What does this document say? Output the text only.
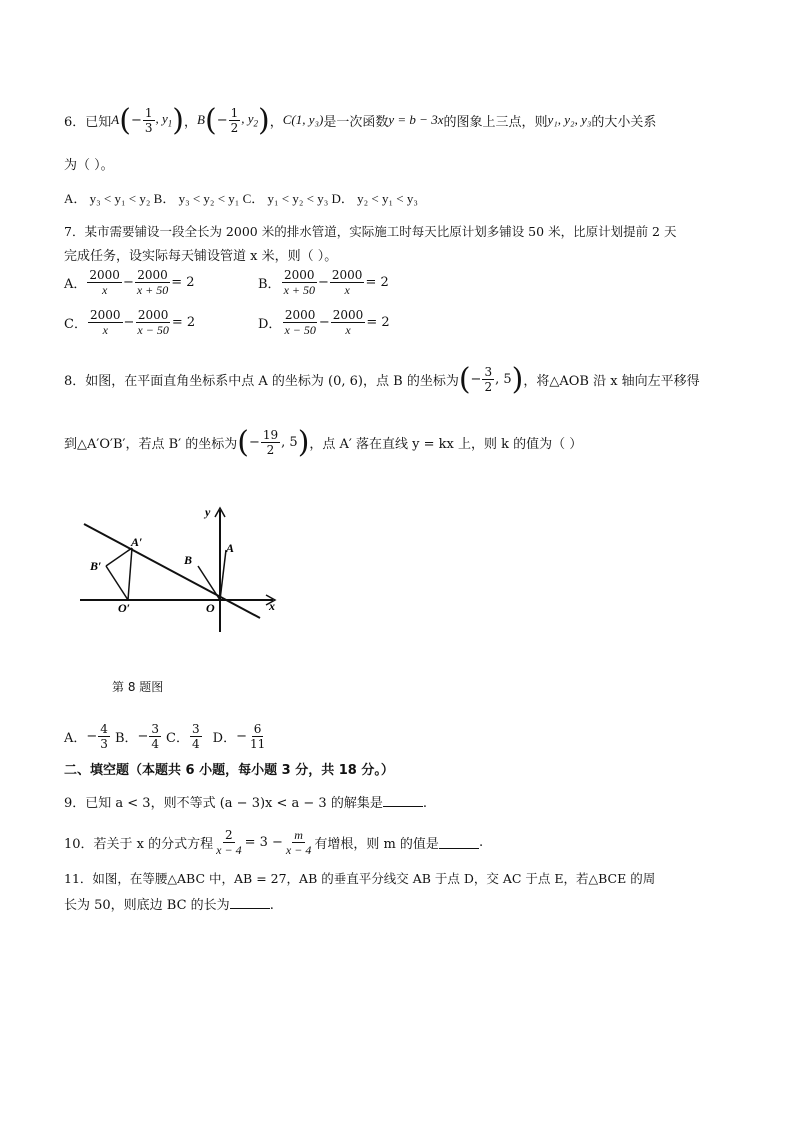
6．已知 A ( − $\frac{1}{3}$ , $y_1$ ) ， B ( − $\frac{1}{2}$ , $y_2$ ) ， C(1, y₃) 是一次函数 y = b − 3x 的图象上三点，则 y₁, y₂, y₃ 的大小关系
为（ ）。
A． y₃ < y₁ < y₂ B． y₃ < y₂ < y₁ C． y₁ < y₂ < y₃ D． y₂ < y₁ < y₃
7．某市需要铺设一段全长为 2000 米的排水管道，实际施工时每天比原计划多铺设 50 米，比原计划提前 2 天
完成任务，设实际每天铺设管道 x 米，则（ ）。
A． $\frac{2000}{x} - \frac{2000}{x + 50} = 2$	B． $\frac{2000}{x + 50} - \frac{2000}{x} = 2$
C． $\frac{2000}{x} - \frac{2000}{x - 50} = 2$	D． $\frac{2000}{x - 50} - \frac{2000}{x} = 2$
8．如图，在平面直角坐标系中点 A 的坐标为 (0, 6)，点 B 的坐标为 ( − $\frac{3}{2}$ , 5 ) ，将△AOB 沿 x 轴向左平移得
到△A′O′B′，若点 B′ 的坐标为 ( − $\frac{19}{2}$ , 5 ) ，点 A′ 落在直线 y = kx 上，则 k 的值为（ ）
y
x
A
B
O
A′
B′
O′
第 8 题图
A． − $\frac{4}{3}$ B． − $\frac{3}{4}$ C． $\frac{3}{4}$ D． − $\frac{6}{11}$
二、填空题（本题共 6 小题，每小题 3 分，共 18 分。）
9．已知 a < 3，则不等式 (a − 3)x < a − 3 的解集是	.
10．若关于 x 的分式方程 $\frac{2}{x - 4} = 3 - \frac{m}{x - 4}$ 有增根，则 m 的值是	.
11．如图，在等腰△ABC 中，AB = 27，AB 的垂直平分线交 AB 于点 D，交 AC 于点 E，若△BCE 的周
长为 50，则底边 BC 的长为	.
